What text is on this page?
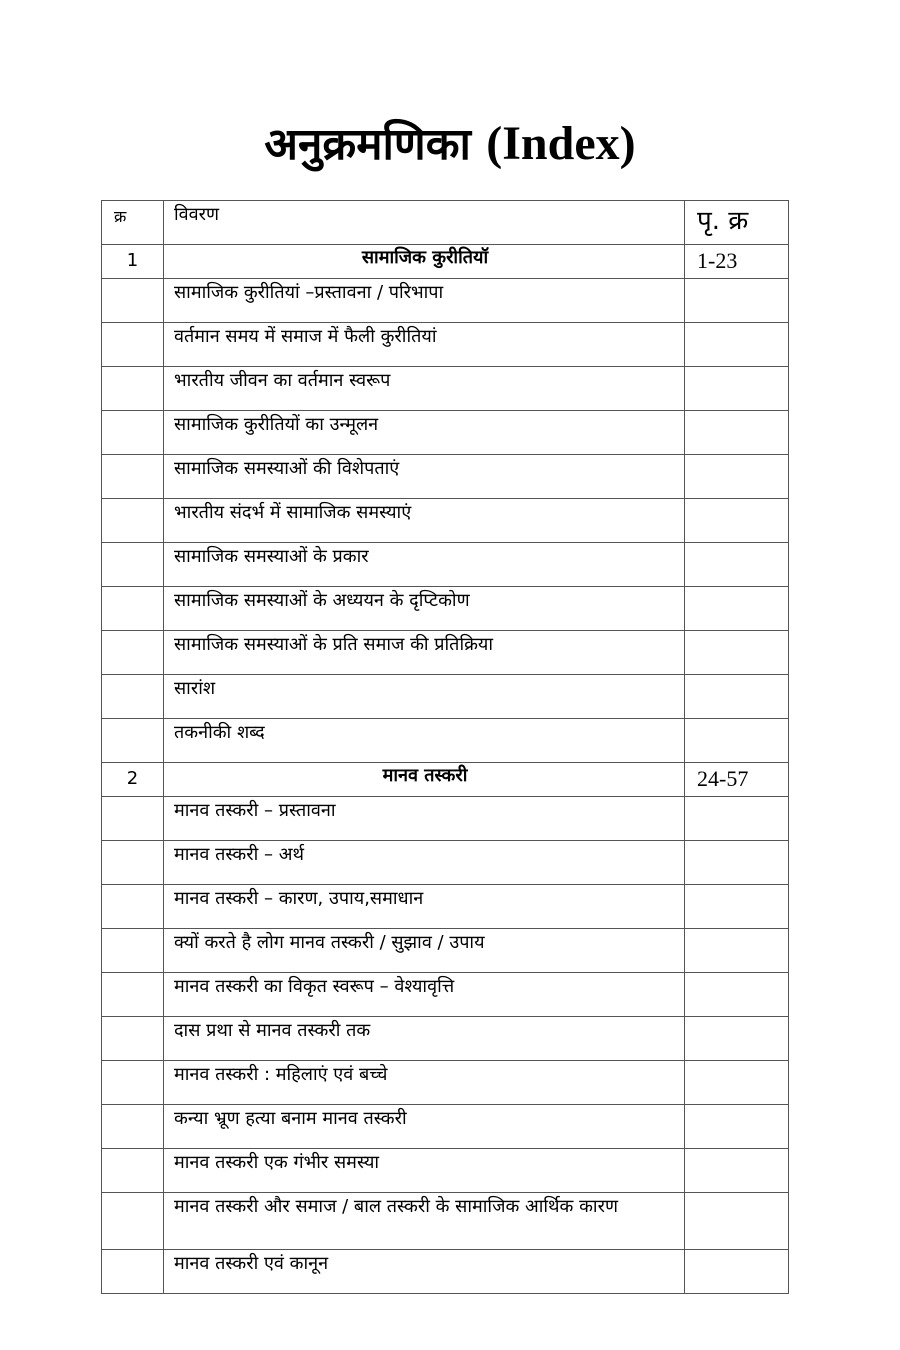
अनुक्रमणिका (Index)
क्र	विवरण	पृ. क्र
1	सामाजिक कुरीतियॉ	1-23
	सामाजिक कुरीतियां –प्रस्तावना / परिभापा	
	वर्तमान समय में समाज में फैली कुरीतियां	
	भारतीय जीवन का वर्तमान स्वरूप	
	सामाजिक कुरीतियों का उन्मूलन	
	सामाजिक समस्याओं की विशेपताएं	
	भारतीय संदर्भ में सामाजिक समस्याएं	
	सामाजिक समस्याओं के प्रकार	
	सामाजिक समस्याओं के अध्ययन के दृप्टिकोण	
	सामाजिक समस्याओं के प्रति समाज की प्रतिक्रिया	
	सारांश	
	तकनीकी शब्द	
2	मानव तस्करी	24-57
	मानव तस्करी – प्रस्तावना	
	मानव तस्करी – अर्थ	
	मानव तस्करी – कारण, उपाय,समाधान	
	क्यों करते है लोग मानव तस्करी / सुझाव / उपाय	
	मानव तस्करी का विकृत स्वरूप – वेश्यावृत्ति	
	दास प्रथा से मानव तस्करी तक	
	मानव तस्करी : महिलाएं एवं बच्चे	
	कन्या भ्रूण हत्या बनाम मानव तस्करी	
	मानव तस्करी एक गंभीर समस्या	
	मानव तस्करी और समाज / बाल तस्करी के सामाजिक आर्थिक कारण	
	मानव तस्करी एवं कानून	
